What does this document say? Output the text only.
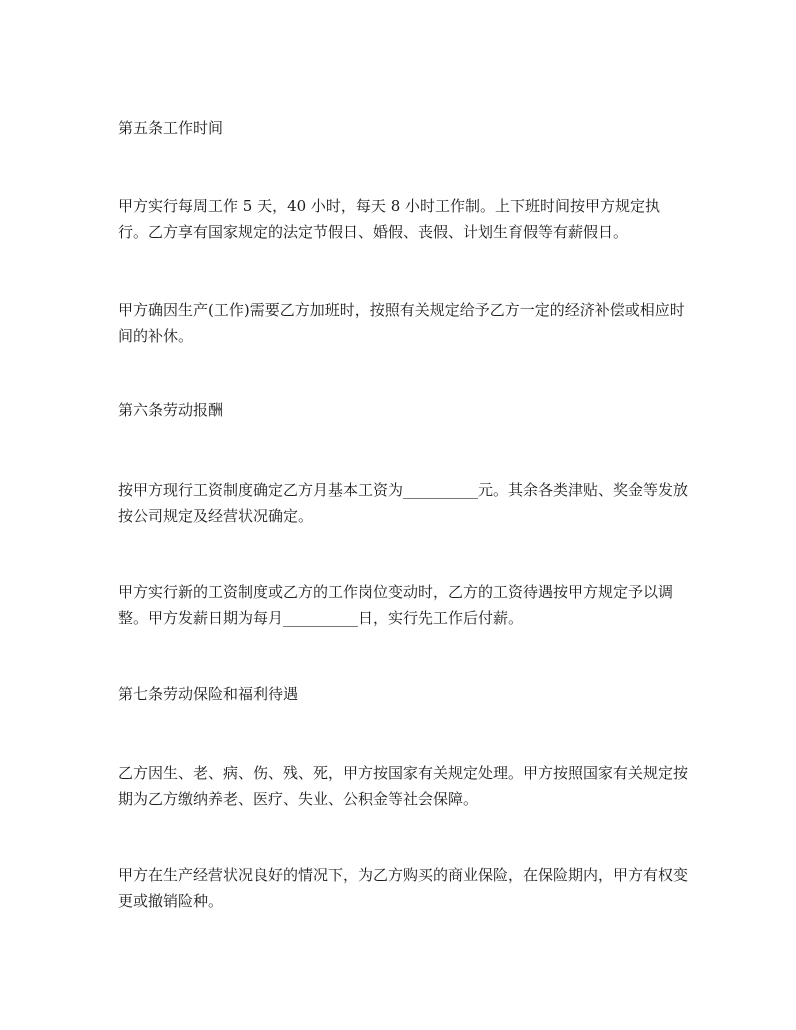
第五条工作时间

甲方实行每周工作 5 天，40 小时，每天 8 小时工作制。上下班时间按甲方规定执行。乙方享有国家规定的法定节假日、婚假、丧假、计划生育假等有薪假日。

甲方确因生产(工作)需要乙方加班时，按照有关规定给予乙方一定的经济补偿或相应时间的补休。

第六条劳动报酬

按甲方现行工资制度确定乙方月基本工资为__________元。其余各类津贴、奖金等发放按公司规定及经营状况确定。

甲方实行新的工资制度或乙方的工作岗位变动时，乙方的工资待遇按甲方规定予以调整。甲方发薪日期为每月__________日，实行先工作后付薪。

第七条劳动保险和福利待遇

乙方因生、老、病、伤、残、死，甲方按国家有关规定处理。甲方按照国家有关规定按期为乙方缴纳养老、医疗、失业、公积金等社会保障。

甲方在生产经营状况良好的情况下，为乙方购买的商业保险，在保险期内，甲方有权变更或撤销险种。
